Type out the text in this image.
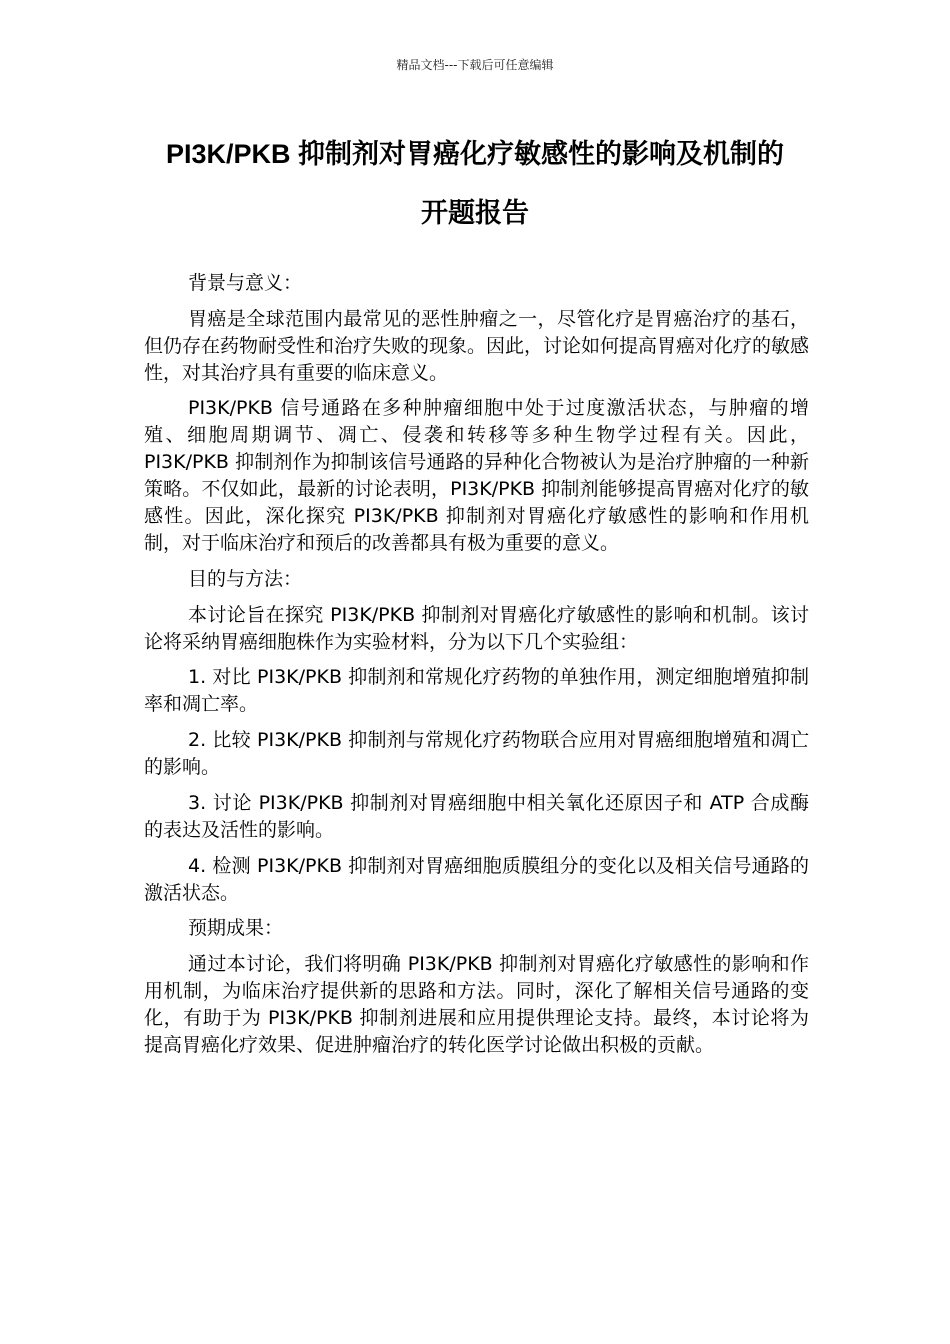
精品文档---下载后可任意编辑
PI3K/PKB 抑制剂对胃癌化疗敏感性的影响及机制的
开题报告

背景与意义：

胃癌是全球范围内最常见的恶性肿瘤之一，尽管化疗是胃癌治疗的基石，但仍存在药物耐受性和治疗失败的现象。因此，讨论如何提高胃癌对化疗的敏感性，对其治疗具有重要的临床意义。

PI3K/PKB 信号通路在多种肿瘤细胞中处于过度激活状态，与肿瘤的增殖、细胞周期调节、凋亡、侵袭和转移等多种生物学过程有关。因此，PI3K/PKB 抑制剂作为抑制该信号通路的异种化合物被认为是治疗肿瘤的一种新策略。不仅如此，最新的讨论表明，PI3K/PKB 抑制剂能够提高胃癌对化疗的敏感性。因此，深化探究 PI3K/PKB 抑制剂对胃癌化疗敏感性的影响和作用机制，对于临床治疗和预后的改善都具有极为重要的意义。

目的与方法：

本讨论旨在探究 PI3K/PKB 抑制剂对胃癌化疗敏感性的影响和机制。该讨论将采纳胃癌细胞株作为实验材料，分为以下几个实验组：

1. 对比 PI3K/PKB 抑制剂和常规化疗药物的单独作用，测定细胞增殖抑制率和凋亡率。

2. 比较 PI3K/PKB 抑制剂与常规化疗药物联合应用对胃癌细胞增殖和凋亡的影响。

3. 讨论 PI3K/PKB 抑制剂对胃癌细胞中相关氧化还原因子和 ATP 合成酶的表达及活性的影响。

4. 检测 PI3K/PKB 抑制剂对胃癌细胞质膜组分的变化以及相关信号通路的激活状态。

预期成果：

通过本讨论，我们将明确 PI3K/PKB 抑制剂对胃癌化疗敏感性的影响和作用机制，为临床治疗提供新的思路和方法。同时，深化了解相关信号通路的变化，有助于为 PI3K/PKB 抑制剂进展和应用提供理论支持。最终，本讨论将为提高胃癌化疗效果、促进肿瘤治疗的转化医学讨论做出积极的贡献。
